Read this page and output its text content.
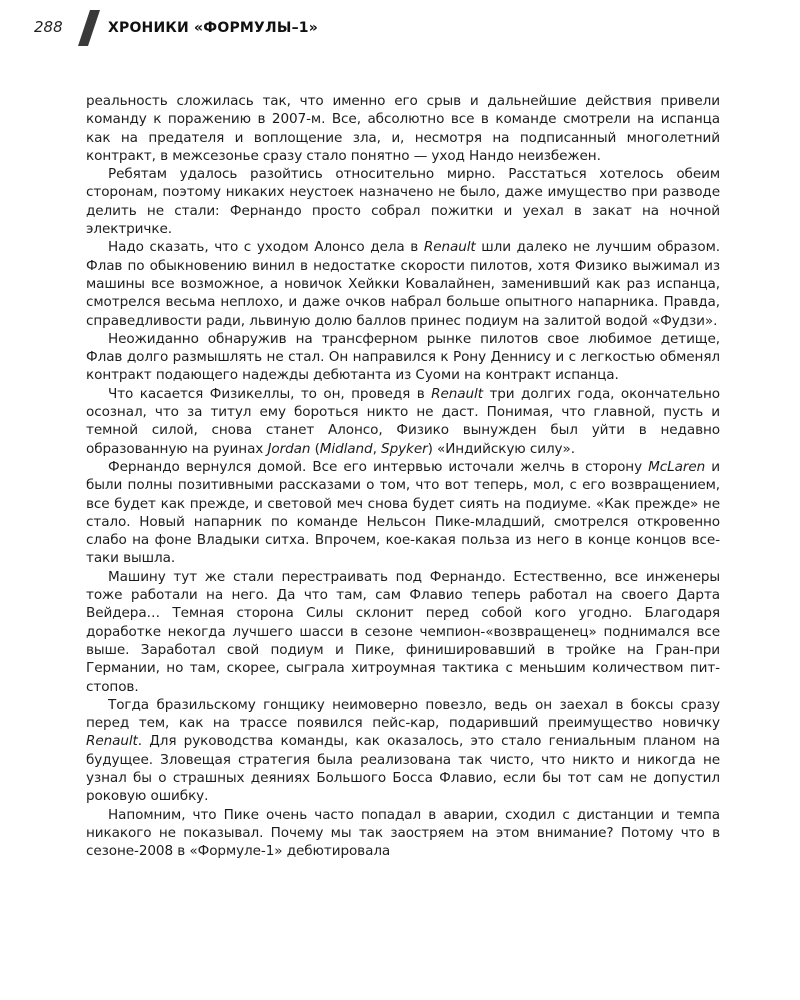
288	ХРОНИКИ «ФОРМУЛЫ–1»

реальность сложилась так, что именно его срыв и дальнейшие действия привели команду к поражению в 2007-м. Все, абсолютно все в команде смотрели на испанца как на предателя и воплощение зла, и, несмотря на подписанный многолетний контракт, в межсезонье сразу стало понятно — уход Нандо неизбежен.

Ребятам удалось разойтись относительно мирно. Расстаться хотелось обеим сторонам, поэтому никаких неустоек назначено не было, даже имущество при разводе делить не стали: Фернандо просто собрал пожитки и уехал в закат на ночной электричке.

Надо сказать, что с уходом Алонсо дела в Renault шли далеко не лучшим образом. Флав по обыкновению винил в недостатке скорости пилотов, хотя Физико выжимал из машины все возможное, а новичок Хейкки Ковалайнен, заменивший как раз испанца, смотрелся весьма неплохо, и даже очков набрал больше опытного напарника. Правда, справедливости ради, львиную долю баллов принес подиум на залитой водой «Фудзи».

Неожиданно обнаружив на трансферном рынке пилотов свое любимое детище, Флав долго размышлять не стал. Он направился к Рону Деннису и с легкостью обменял контракт подающего надежды дебютанта из Суоми на контракт испанца.

Что касается Физикеллы, то он, проведя в Renault три долгих года, окончательно осознал, что за титул ему бороться никто не даст. Понимая, что главной, пусть и темной силой, снова станет Алонсо, Физико вынужден был уйти в недавно образованную на руинах Jordan (Midland, Spyker) «Индийскую силу».

Фернандо вернулся домой. Все его интервью источали желчь в сторону McLaren и были полны позитивными рассказами о том, что вот теперь, мол, с его возвращением, все будет как прежде, и световой меч снова будет сиять на подиуме. «Как прежде» не стало. Новый напарник по команде Нельсон Пике-младший, смотрелся откровенно слабо на фоне Владыки ситха. Впрочем, кое-какая польза из него в конце концов все-таки вышла.

Машину тут же стали перестраивать под Фернандо. Естественно, все инженеры тоже работали на него. Да что там, сам Флавио теперь работал на своего Дарта Вейдера… Темная сторона Силы склонит перед собой кого угодно. Благодаря доработке некогда лучшего шасси в сезоне чемпион-«возвращенец» поднимался все выше. Заработал свой подиум и Пике, финишировавший в тройке на Гран-при Германии, но там, скорее, сыграла хитроумная тактика с меньшим количеством пит-стопов.

Тогда бразильскому гонщику неимоверно повезло, ведь он заехал в боксы сразу перед тем, как на трассе появился пейс-кар, подаривший преимущество новичку Renault. Для руководства команды, как оказалось, это стало гениальным планом на будущее. Зловещая стратегия была реализована так чисто, что никто и никогда не узнал бы о страшных деяниях Большого Босса Флавио, если бы тот сам не допустил роковую ошибку.

Напомним, что Пике очень часто попадал в аварии, сходил с дистанции и темпа никакого не показывал. Почему мы так заостряем на этом внимание? Потому что в сезоне-2008 в «Формуле-1» дебютировала
